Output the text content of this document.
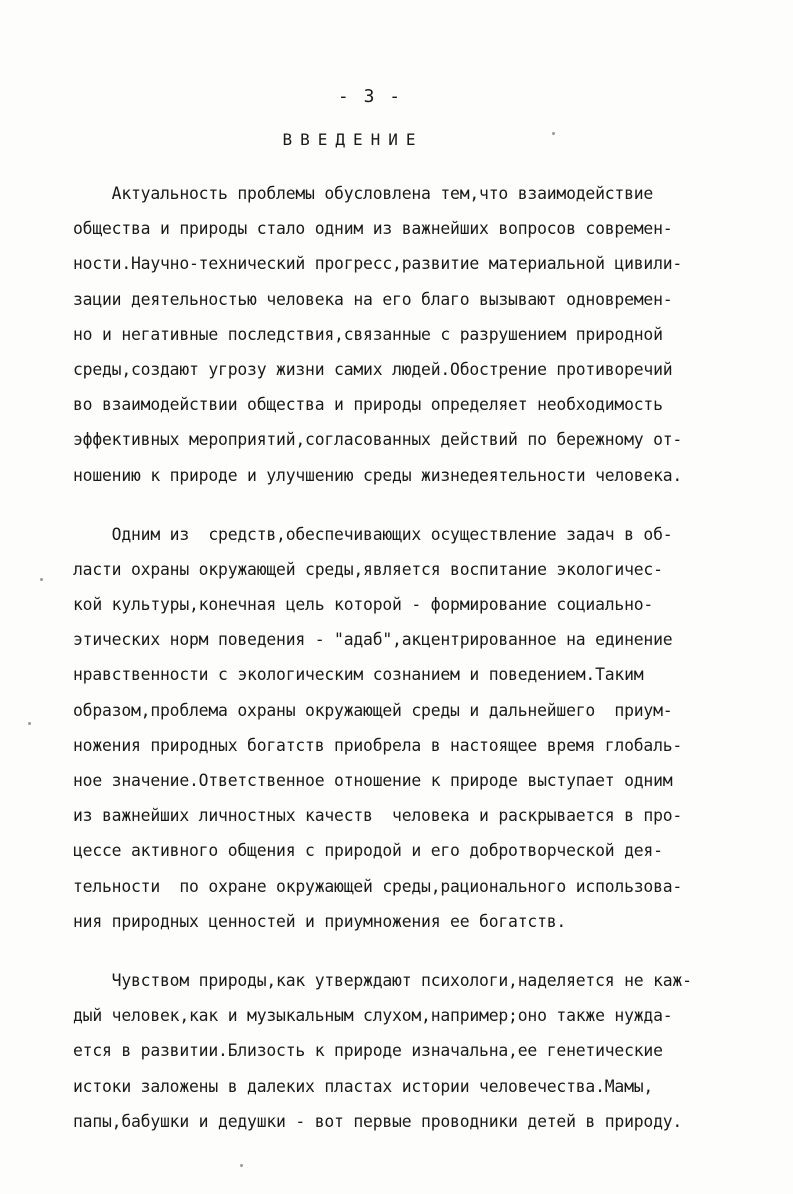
- 3 -
ВВЕДЕНИЕ
Актуальность проблемы обусловлена тем,что взаимодействие
общества и природы стало одним из важнейших вопросов современ-
ности.Научно-технический прогресс,развитие материальной цивили-
зации деятельностью человека на его благо вызывают одновремен-
но и негативные последствия,связанные с разрушением природной
среды,создают угрозу жизни самих людей.Обострение противоречий
во взаимодействии общества и природы определяет необходимость
эффективных мероприятий,согласованных действий по бережному от-
ношению к природе и улучшению среды жизнедеятельности человека.
Одним из  средств,обеспечивающих осуществление задач в об-
ласти охраны окружающей среды,является воспитание экологичес-
кой культуры,конечная цель которой - формирование социально-
этических норм поведения - "адаб",акцентрированное на единение
нравственности с экологическим сознанием и поведением.Таким
образом,проблема охраны окружающей среды и дальнейшего  приум-
ножения природных богатств приобрела в настоящее время глобаль-
ное значение.Ответственное отношение к природе выступает одним
из важнейших личностных качеств  человека и раскрывается в про-
цессе активного общения с природой и его добротворческой дея-
тельности  по охране окружающей среды,рационального использова-
ния природных ценностей и приумножения ее богатств.
Чувством природы,как утверждают психологи,наделяется не каж-
дый человек,как и музыкальным слухом,например;оно также нужда-
ется в развитии.Близость к природе изначальна,ее генетические
истоки заложены в далеких пластах истории человечества.Мамы,
папы,бабушки и дедушки - вот первые проводники детей в природу.
